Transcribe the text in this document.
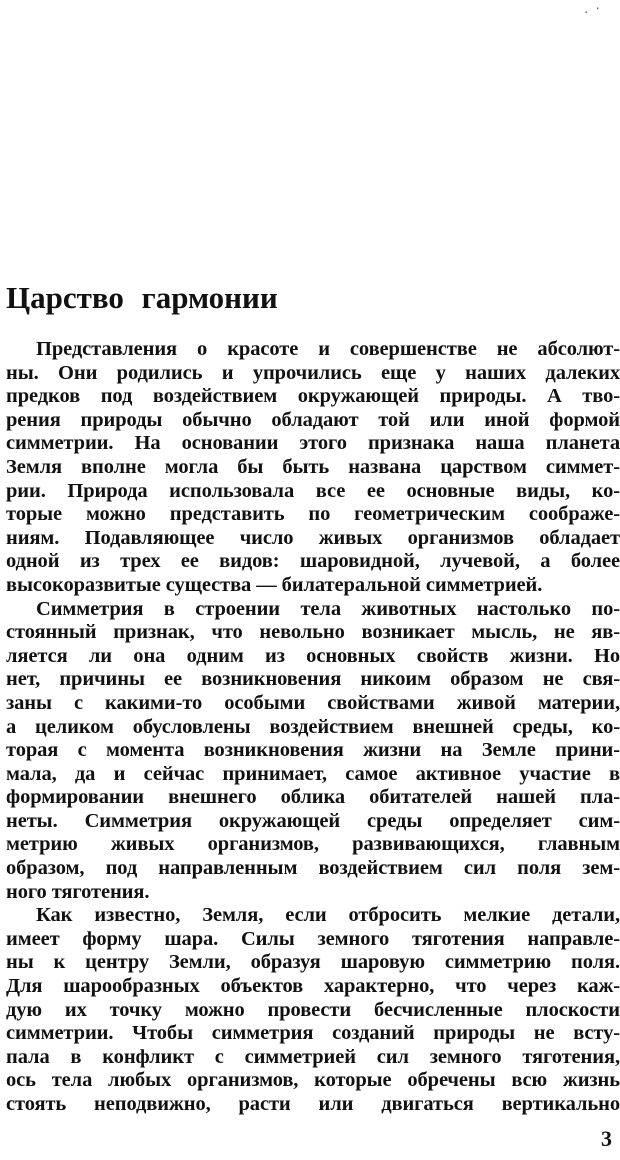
. ·
Царство гармонии
Представления о красоте и совершенстве не абсолют-
ны. Они родились и упрочились еще у наших далеких
предков под воздействием окружающей природы. А тво-
рения природы обычно обладают той или иной формой
симметрии. На основании этого признака наша планета
Земля вполне могла бы быть названа царством симмет-
рии. Природа использовала все ее основные виды, ко-
торые можно представить по геометрическим соображе-
ниям. Подавляющее число живых организмов обладает
одной из трех ее видов: шаровидной, лучевой, а более
высокоразвитые существа — билатеральной симметрией.
Симметрия в строении тела животных настолько по-
стоянный признак, что невольно возникает мысль, не яв-
ляется ли она одним из основных свойств жизни. Но
нет, причины ее возникновения никоим образом не свя-
заны с какими-то особыми свойствами живой материи,
а целиком обусловлены воздействием внешней среды, ко-
торая с момента возникновения жизни на Земле прини-
мала, да и сейчас принимает, самое активное участие в
формировании внешнего облика обитателей нашей пла-
неты. Симметрия окружающей среды определяет сим-
метрию живых организмов, развивающихся, главным
образом, под направленным воздействием сил поля зем-
ного тяготения.
Как известно, Земля, если отбросить мелкие детали,
имеет форму шара. Силы земного тяготения направле-
ны к центру Земли, образуя шаровую симметрию поля.
Для шарообразных объектов характерно, что через каж-
дую их точку можно провести бесчисленные плоскости
симметрии. Чтобы симметрия созданий природы не всту-
пала в конфликт с симметрией сил земного тяготения,
ось тела любых организмов, которые обречены всю жизнь
стоять неподвижно, расти или двигаться вертикально
3
